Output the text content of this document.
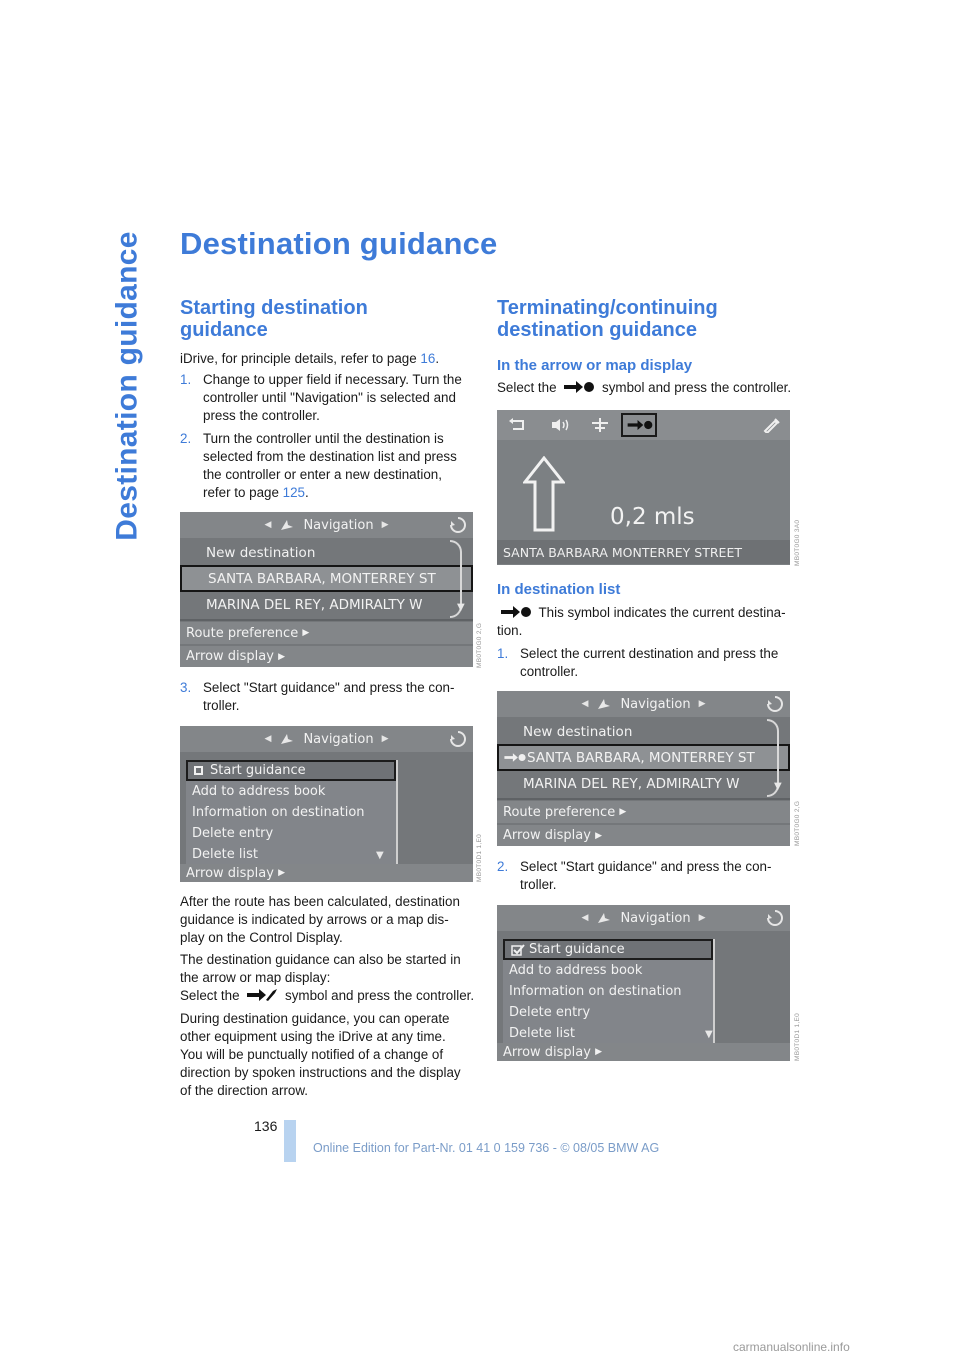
Destination guidance Destination guidance
Starting destination
guidance
iDrive, for principle details, refer to page 16.
1. Change to upper field if necessary. Turn the
controller until "Navigation" is selected and
press the controller.
2. Turn the controller until the destination is
selected from the destination list and press
the controller or enter a new destination,
refer to page 125.
◀ Navigation ▶
New destination
SANTA BARBARA, MONTERREY ST
MARINA DEL REY, ADMIRALTY W	▼
Route preference
▶
Arrow display
▶	MB0T0G0 2,G
3. Select "Start guidance" and press the con-
troller.
◀ Navigation ▶
Start guidance
Add to address book
Information on destination
Delete entry
Delete list	▼
Arrow display
▶	MB0T0D1 1,E0
After the route has been calculated, destination
guidance is indicated by arrows or a map dis-
play on the Control Display.
The destination guidance can also be started in
the arrow or map display:
Select the	symbol and press the controller.
During destination guidance, you can operate
other equipment using the iDrive at any time.
You will be punctually notified of a change of
direction by spoken instructions and the display
of the direction arrow.
Terminating/continuing
destination guidance
In the arrow or map display
Select the	symbol and press the controller.
0,2 mls
SANTA BARBARA MONTERREY STREET	MB0T0G0 3A0
In destination list
This symbol indicates the current destina-
tion.
1. Select the current destination and press the
controller.
◀ Navigation ▶
New destination
SANTA BARBARA, MONTERREY ST
MARINA DEL REY, ADMIRALTY W	▼
Route preference
▶
Arrow display
▶	MB0T0G0 2,G
2. Select "Start guidance" and press the con-
troller.
◀ Navigation ▶
Start guidance
Add to address book
Information on destination
Delete entry
Delete list	▼
Arrow display
▶	MB0T0D1 1,E0
136
Online Edition for Part-Nr. 01 41 0 159 736 - © 08/05 BMW AG
carmanualsonline.info
